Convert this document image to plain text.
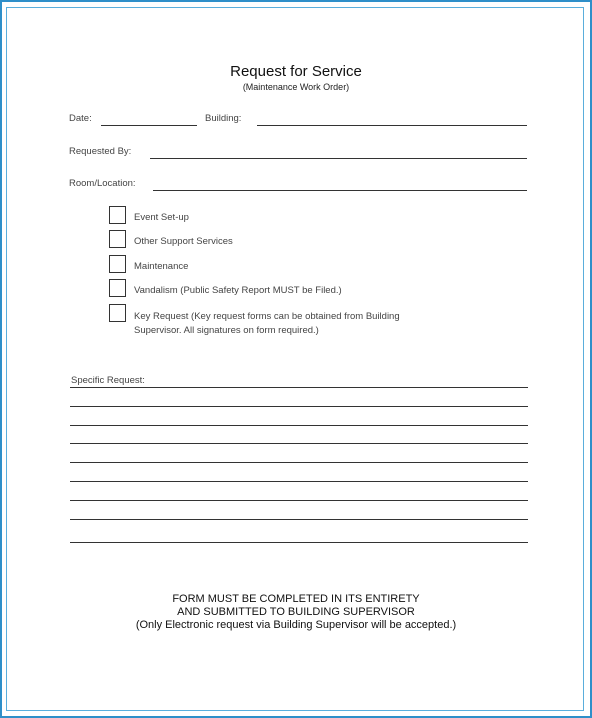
Request for Service
(Maintenance Work Order)
Date:	Building:
Requested By:
Room/Location:
Event Set-up
Other Support Services
Maintenance
Vandalism (Public Safety Report MUST be Filed.)
Key Request (Key request forms can be obtained from Building
Supervisor. All signatures on form required.)
Specific Request:
FORM MUST BE COMPLETED IN ITS ENTIRETY
AND SUBMITTED TO BUILDING SUPERVISOR
(Only Electronic request via Building Supervisor will be accepted.)
